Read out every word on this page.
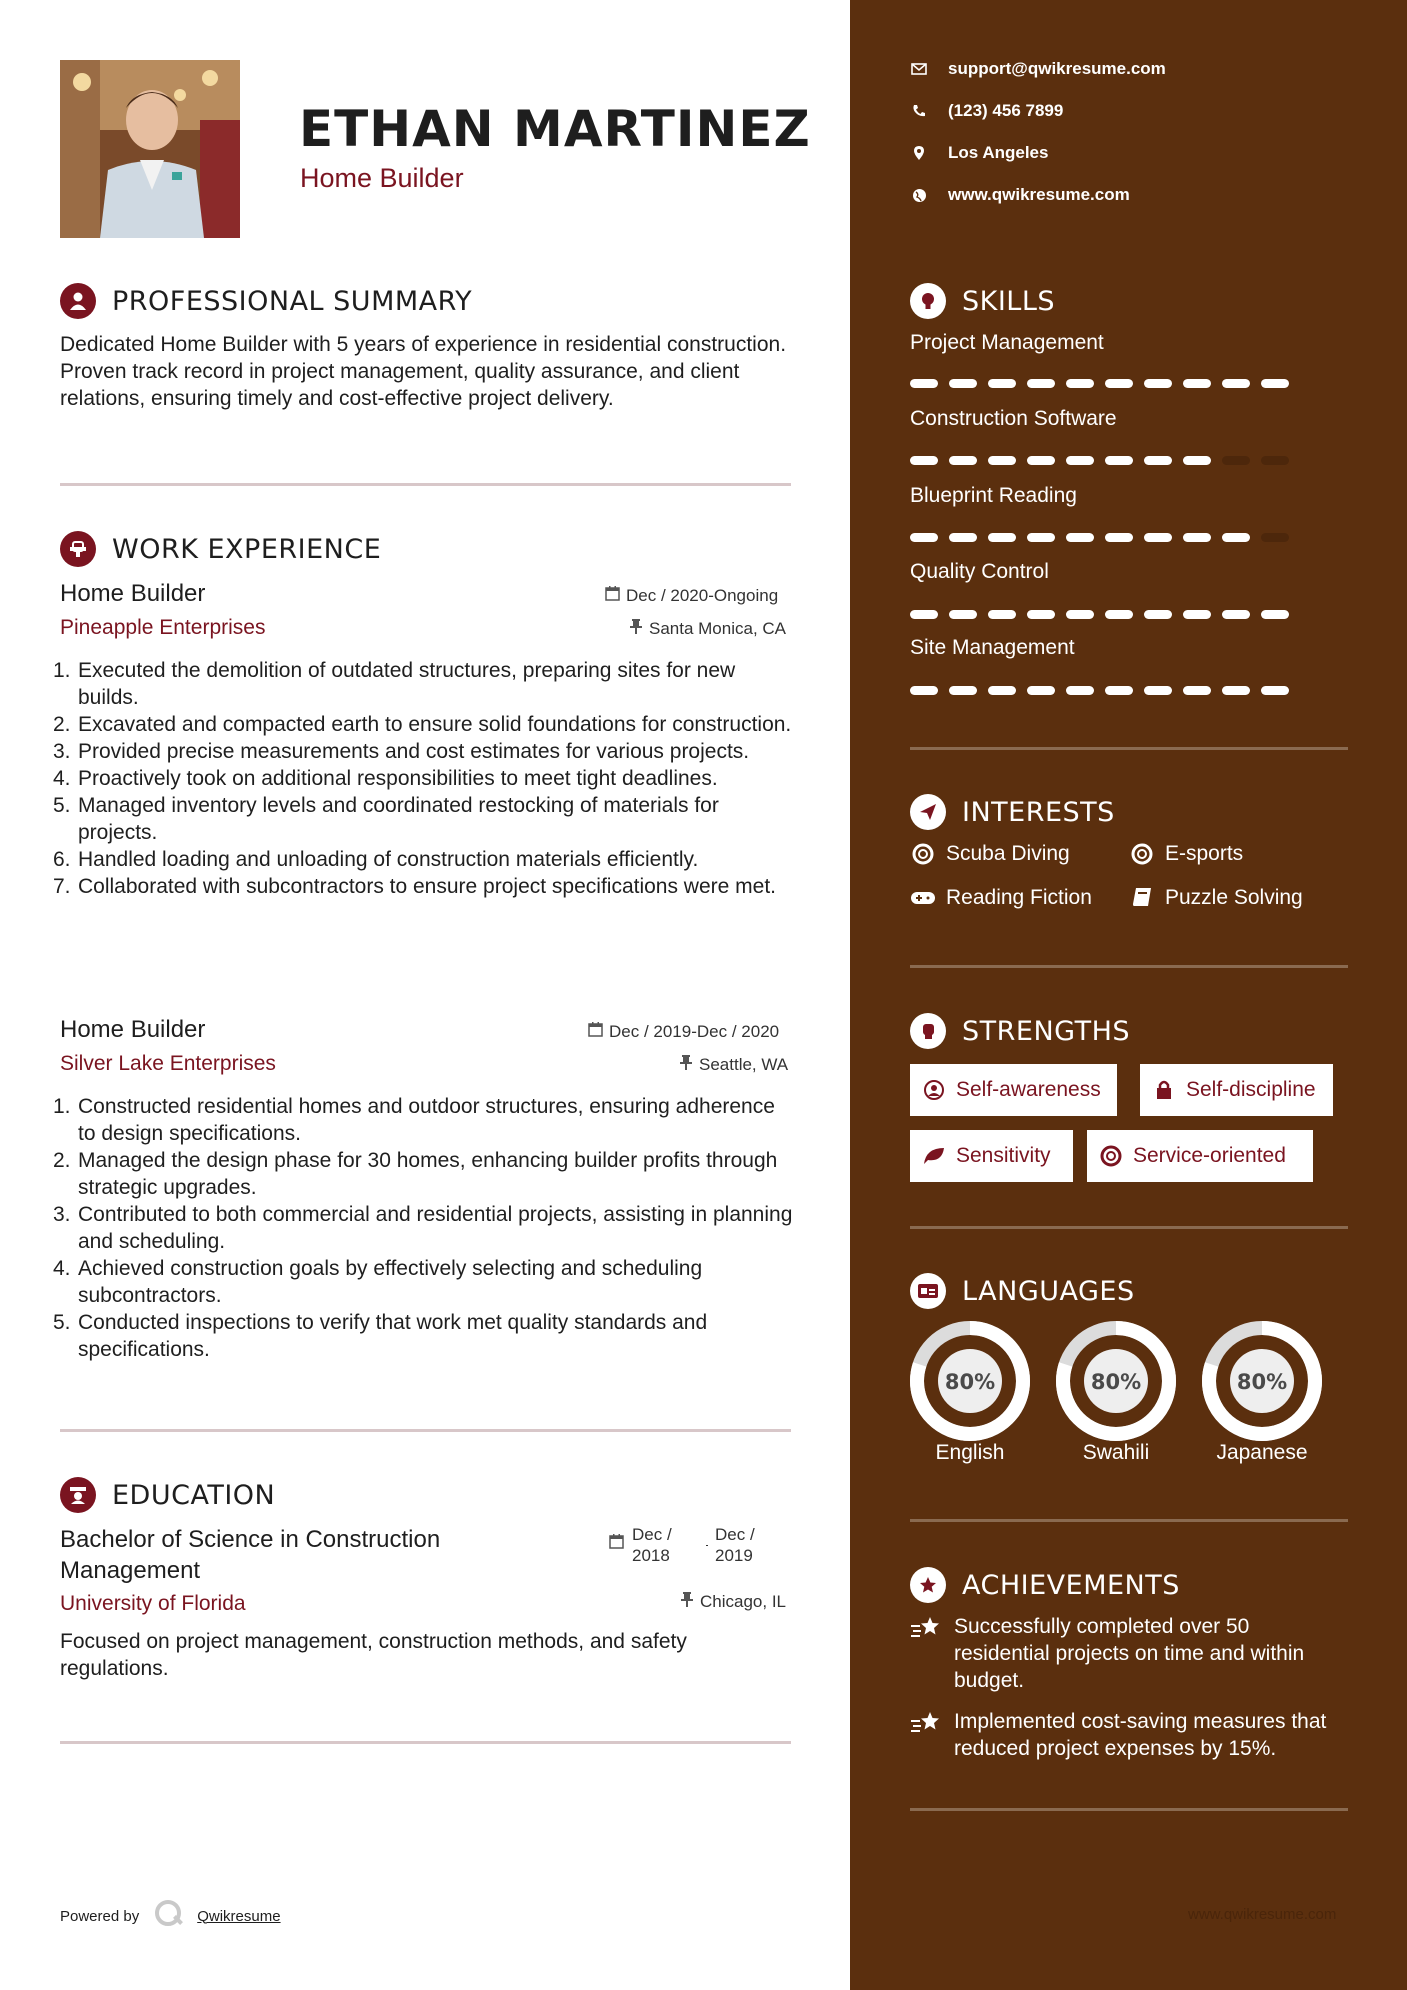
ETHAN MARTINEZ
Home Builder
PROFESSIONAL SUMMARY
Dedicated Home Builder with 5 years of experience in residential construction. Proven track record in project management, quality assurance, and client relations, ensuring timely and cost-effective project delivery.
WORK EXPERIENCE
Home Builder
Pineapple Enterprises
Dec / 2020-Ongoing
Santa Monica, CA
1. Executed the demolition of outdated structures, preparing sites for new builds.
2. Excavated and compacted earth to ensure solid foundations for construction.
3. Provided precise measurements and cost estimates for various projects.
4. Proactively took on additional responsibilities to meet tight deadlines.
5. Managed inventory levels and coordinated restocking of materials for projects.
6. Handled loading and unloading of construction materials efficiently.
7. Collaborated with subcontractors to ensure project specifications were met.
Home Builder
Silver Lake Enterprises
Dec / 2019-Dec / 2020
Seattle, WA
1. Constructed residential homes and outdoor structures, ensuring adherence to design specifications.
2. Managed the design phase for 30 homes, enhancing builder profits through strategic upgrades.
3. Contributed to both commercial and residential projects, assisting in planning and scheduling.
4. Achieved construction goals by effectively selecting and scheduling subcontractors.
5. Conducted inspections to verify that work met quality standards and specifications.
EDUCATION
Bachelor of Science in Construction Management
University of Florida
Dec / 2018
Dec / 2019
Chicago, IL
Focused on project management, construction methods, and safety regulations.
Powered by	Qwikresume
support@qwikresume.com
(123) 456 7899
Los Angeles
www.qwikresume.com
SKILLS
Project Management
Construction Software
Blueprint Reading
Quality Control
Site Management
INTERESTS
Scuba Diving	E-sports
Reading Fiction	Puzzle Solving
STRENGTHS
Self-awareness	Self-discipline
Sensitivity	Service-oriented
LANGUAGES
80%
English
80%
Swahili
80%
Japanese
ACHIEVEMENTS
Successfully completed over 50 residential projects on time and within budget.
Implemented cost-saving measures that reduced project expenses by 15%.
www.qwikresume.com
